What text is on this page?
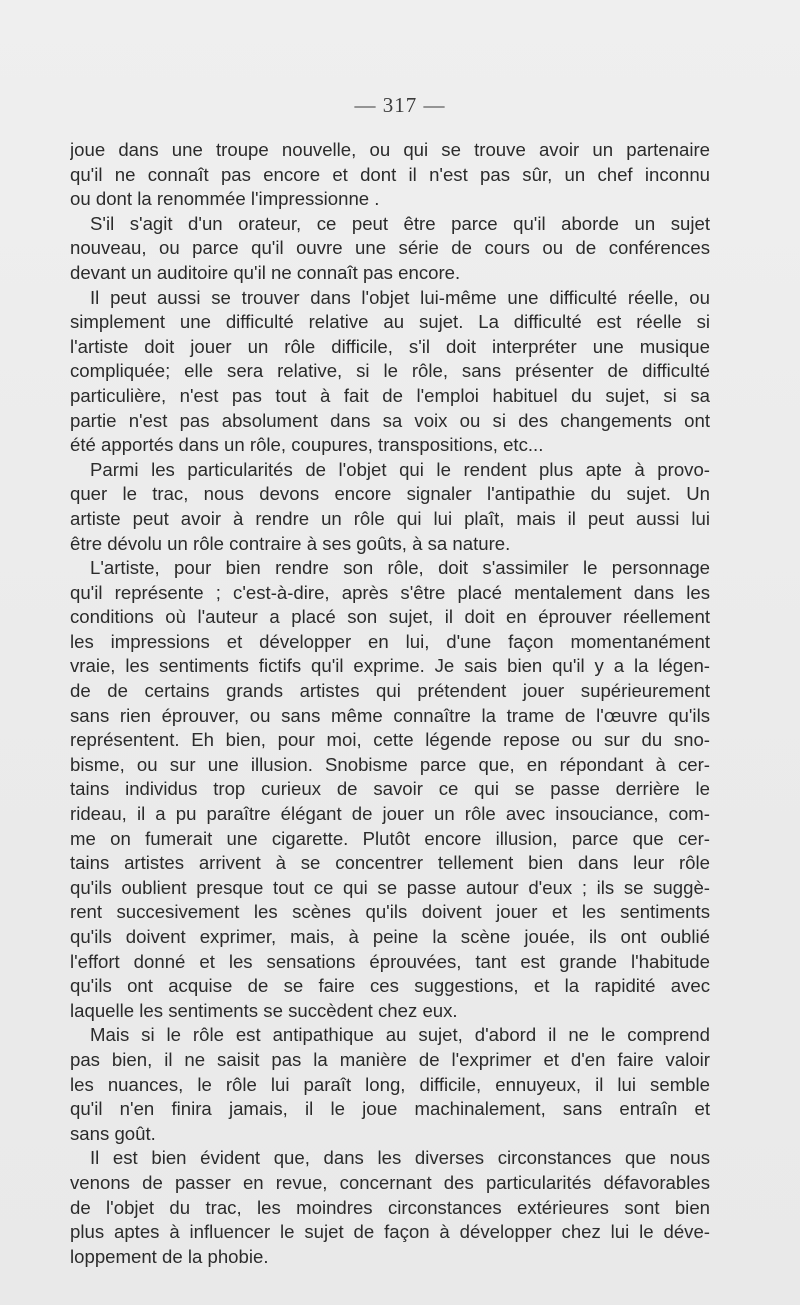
— 317 —
joue dans une troupe nouvelle, ou qui se trouve avoir un partenaire
qu'il ne connaît pas encore et dont il n'est pas sûr, un chef inconnu
ou dont la renommée l'impressionne .
S'il s'agit d'un orateur, ce peut être parce qu'il aborde un sujet
nouveau, ou parce qu'il ouvre une série de cours ou de conférences
devant un auditoire qu'il ne connaît pas encore.
Il peut aussi se trouver dans l'objet lui-même une difficulté réelle, ou
simplement une difficulté relative au sujet. La difficulté est réelle si
l'artiste doit jouer un rôle difficile, s'il doit interpréter une musique
compliquée; elle sera relative, si le rôle, sans présenter de difficulté
particulière, n'est pas tout à fait de l'emploi habituel du sujet, si sa
partie n'est pas absolument dans sa voix ou si des changements ont
été apportés dans un rôle, coupures, transpositions, etc...
Parmi les particularités de l'objet qui le rendent plus apte à provo-
quer le trac, nous devons encore signaler l'antipathie du sujet. Un
artiste peut avoir à rendre un rôle qui lui plaît, mais il peut aussi lui
être dévolu un rôle contraire à ses goûts, à sa nature.
L'artiste, pour bien rendre son rôle, doit s'assimiler le personnage
qu'il représente ; c'est-à-dire, après s'être placé mentalement dans les
conditions où l'auteur a placé son sujet, il doit en éprouver réellement
les impressions et développer en lui, d'une façon momentanément
vraie, les sentiments fictifs qu'il exprime. Je sais bien qu'il y a la légen-
de de certains grands artistes qui prétendent jouer supérieurement
sans rien éprouver, ou sans même connaître la trame de l'œuvre qu'ils
représentent. Eh bien, pour moi, cette légende repose ou sur du sno-
bisme, ou sur une illusion. Snobisme parce que, en répondant à cer-
tains individus trop curieux de savoir ce qui se passe derrière le
rideau, il a pu paraître élégant de jouer un rôle avec insouciance, com-
me on fumerait une cigarette. Plutôt encore illusion, parce que cer-
tains artistes arrivent à se concentrer tellement bien dans leur rôle
qu'ils oublient presque tout ce qui se passe autour d'eux ; ils se suggè-
rent succesivement les scènes qu'ils doivent jouer et les sentiments
qu'ils doivent exprimer, mais, à peine la scène jouée, ils ont oublié
l'effort donné et les sensations éprouvées, tant est grande l'habitude
qu'ils ont acquise de se faire ces suggestions, et la rapidité avec
laquelle les sentiments se succèdent chez eux.
Mais si le rôle est antipathique au sujet, d'abord il ne le comprend
pas bien, il ne saisit pas la manière de l'exprimer et d'en faire valoir
les nuances, le rôle lui paraît long, difficile, ennuyeux, il lui semble
qu'il n'en finira jamais, il le joue machinalement, sans entraîn et
sans goût.
Il est bien évident que, dans les diverses circonstances que nous
venons de passer en revue, concernant des particularités défavorables
de l'objet du trac, les moindres circonstances extérieures sont bien
plus aptes à influencer le sujet de façon à développer chez lui le déve-
loppement de la phobie.
